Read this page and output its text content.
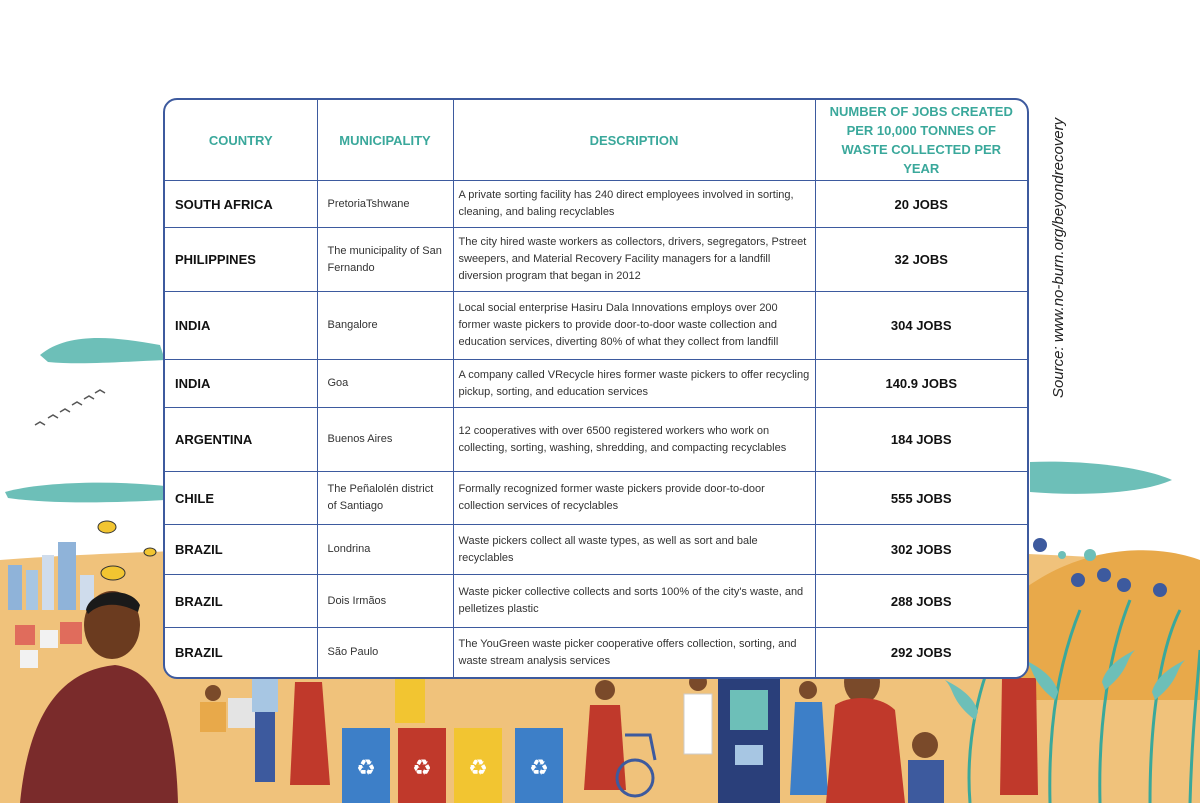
♻ ♻ ♻ ♻
COUNTRY	MUNICIPALITY	DESCRIPTION	NUMBER OF JOBS CREATED PER 10,000 TONNES OF WASTE COLLECTED PER YEAR
SOUTH AFRICA	PretoriaTshwane	A private sorting facility has 240 direct employees involved in sorting, cleaning, and baling recyclables	20 JOBS
PHILIPPINES	The municipality of San Fernando	The city hired waste workers as collectors, drivers, segregators, Pstreet sweepers, and Material Recovery Facility managers for a landfill diversion program that began in 2012	32 JOBS
INDIA	Bangalore	Local social enterprise Hasiru Dala Innovations employs over 200 former waste pickers to provide door-to-door waste collection and education services, diverting 80% of what they collect from landfill	304 JOBS
INDIA	Goa	A company called VRecycle hires former waste pickers to offer recycling pickup, sorting, and education services	140.9 JOBS
ARGENTINA	Buenos Aires	12 cooperatives with over 6500 registered workers who work on collecting, sorting, washing, shredding, and compacting recyclables	184 JOBS
CHILE	The Peñalolén district of Santiago	Formally recognized former waste pickers provide door-to-door collection services of recyclables	555 JOBS
BRAZIL	Londrina	Waste pickers collect all waste types, as well as sort and bale recyclables	302 JOBS
BRAZIL	Dois Irmãos	Waste picker collective collects and sorts 100% of the city's waste, and pelletizes plastic	288 JOBS
BRAZIL	São Paulo	The YouGreen waste picker cooperative offers collection, sorting, and waste stream analysis services	292 JOBS
Source: www.no-burn.org/beyondrecovery
